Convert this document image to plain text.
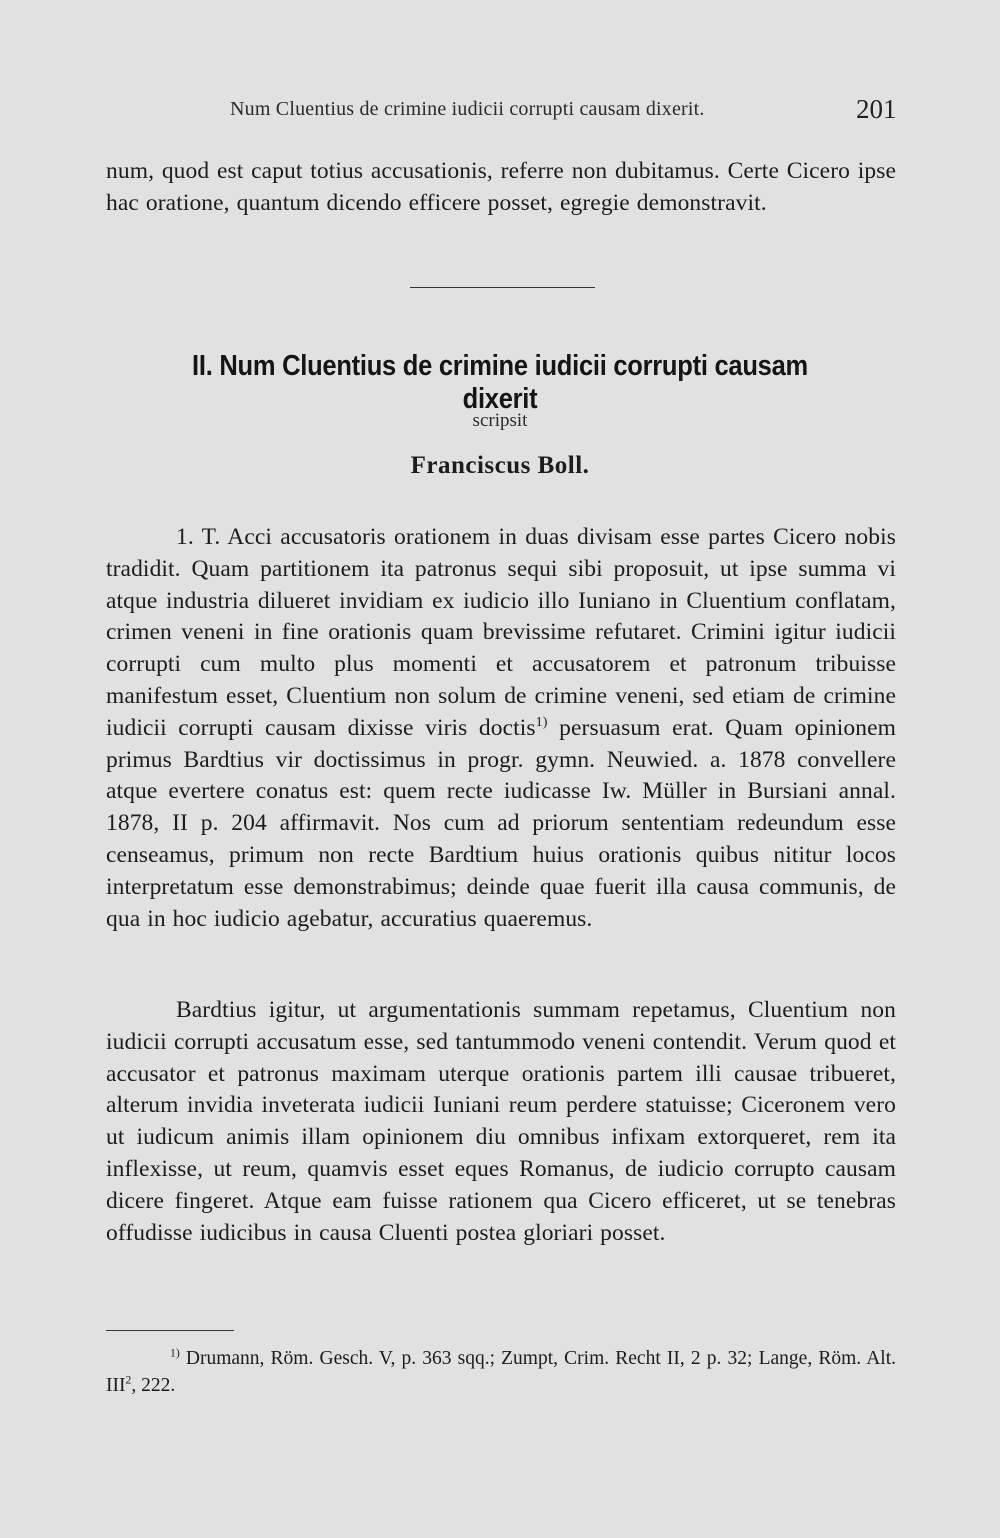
Num Cluentius de crimine iudicii corrupti causam dixerit.	201

num, quod est caput totius accusationis, referre non dubitamus. Certe Cicero ipse hac oratione, quantum dicendo efficere posset, egregie demonstravit.

II. Num Cluentius de crimine iudicii corrupti causam dixerit
scripsit
Franciscus Boll.

1. T. Acci accusatoris orationem in duas divisam esse partes Cicero nobis tradidit. Quam partitionem ita patronus sequi sibi proposuit, ut ipse summa vi atque industria dilueret invidiam ex iudicio illo Iuniano in Cluentium conflatam, crimen veneni in fine orationis quam brevissime refutaret. Crimini igitur iudicii corrupti cum multo plus momenti et accusatorem et patronum tribuisse manifestum esset, Cluentium non solum de crimine veneni, sed etiam de crimine iudicii corrupti causam dixisse viris doctis$^{1)}$ persuasum erat. Quam opinionem primus Bardtius vir doctissimus in progr. gymn. Neuwied. a. 1878 convellere atque evertere conatus est: quem recte iudicasse Iw. Müller in Bursiani annal. 1878, II p. 204 affirmavit. Nos cum ad priorum sententiam redeundum esse censeamus, primum non recte Bardtium huius orationis quibus nititur locos interpretatum esse demonstrabimus; deinde quae fuerit illa causa communis, de qua in hoc iudicio agebatur, accuratius quaeremus.

Bardtius igitur, ut argumentationis summam repetamus, Cluentium non iudicii corrupti accusatum esse, sed tantummodo veneni contendit. Verum quod et accusator et patronus maximam uterque orationis partem illi causae tribueret, alterum invidia inveterata iudicii Iuniani reum perdere statuisse; Ciceronem vero ut iudicum animis illam opinionem diu omnibus infixam extorqueret, rem ita inflexisse, ut reum, quamvis esset eques Romanus, de iudicio corrupto causam dicere fingeret. Atque eam fuisse rationem qua Cicero efficeret, ut se tenebras offudisse iudicibus in causa Cluenti postea gloriari posset.

$^{1)}$ Drumann, Röm. Gesch. V, p. 363 sqq.; Zumpt, Crim. Recht II, 2 p. 32; Lange, Röm. Alt. III$^2$, 222.
